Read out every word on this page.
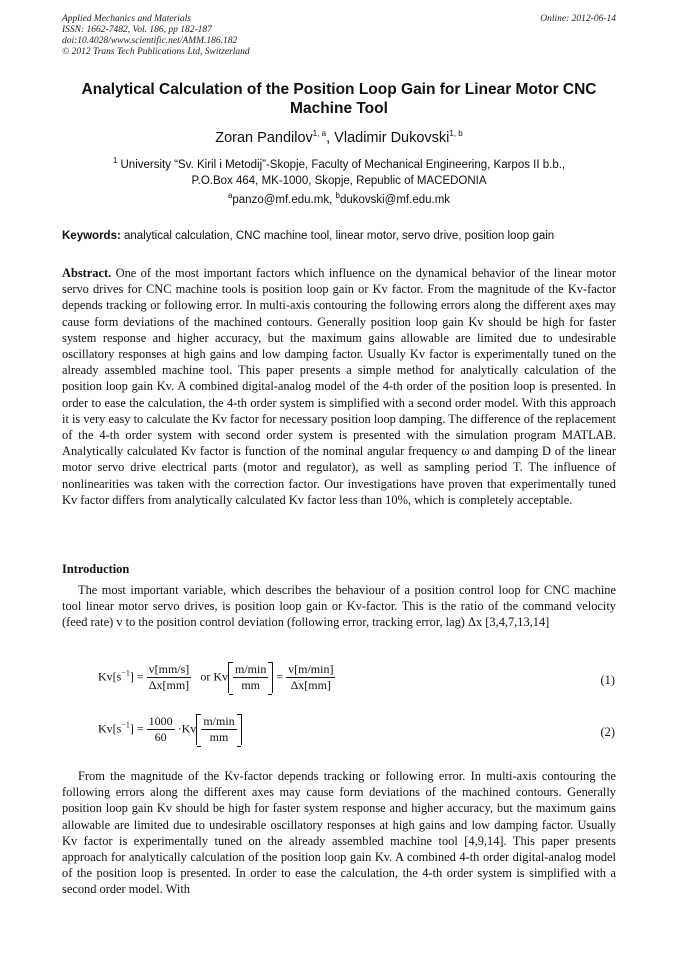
Applied Mechanics and Materials
ISSN: 1662-7482, Vol. 186, pp 182-187
doi:10.4028/www.scientific.net/AMM.186.182
© 2012 Trans Tech Publications Ltd, Switzerland
Online: 2012-06-14
Analytical Calculation of the Position Loop Gain for Linear Motor CNC Machine Tool
Zoran Pandilov$^{1, a}$, Vladimir Dukovski$^{1, b}$
$^1$ University “Sv. Kiril i Metodij”-Skopje, Faculty of Mechanical Engineering, Karpos II b.b.,
P.O.Box 464, MK-1000, Skopje, Republic of MACEDONIA
$^a$panzo@mf.edu.mk, $^b$dukovski@mf.edu.mk
Keywords: analytical calculation, CNC machine tool, linear motor, servo drive, position loop gain
Abstract. One of the most important factors which influence on the dynamical behavior of the linear motor servo drives for CNC machine tools is position loop gain or Kv factor. From the magnitude of the Kv-factor depends tracking or following error. In multi-axis contouring the following errors along the different axes may cause form deviations of the machined contours. Generally position loop gain Kv should be high for faster system response and higher accuracy, but the maximum gains allowable are limited due to undesirable oscillatory responses at high gains and low damping factor. Usually Kv factor is experimentally tuned on the already assembled machine tool. This paper presents a simple method for analytically calculation of the position loop gain Kv. A combined digital-analog model of the 4-th order of the position loop is presented. In order to ease the calculation, the 4-th order system is simplified with a second order model. With this approach it is very easy to calculate the Kv factor for necessary position loop damping. The difference of the replacement of the 4-th order system with second order system is presented with the simulation program MATLAB. Analytically calculated Kv factor is function of the nominal angular frequency ω and damping D of the linear motor servo drive electrical parts (motor and regulator), as well as sampling period T. The influence of nonlinearities was taken with the correction factor. Our investigations have proven that experimentally tuned Kv factor differs from analytically calculated Kv factor less than 10%, which is completely acceptable.
Introduction
The most important variable, which describes the behaviour of a position control loop for CNC machine tool linear motor servo drives, is position loop gain or Kv-factor. This is the ratio of the command velocity (feed rate) v to the position control deviation (following error, tracking error, lag) Δx [3,4,7,13,14]
$Kv[s^{-1}] = \frac{v[mm/s]}{\Delta x[mm]}$ or Kv $\frac{m/\min}{mm} = \frac{v[m/\min]}{\Delta x[mm]}$	(1)
$Kv[s^{-1}] = \frac{1000}{60} \cdot Kv \frac{m/\min}{mm}$	(2)
From the magnitude of the Kv-factor depends tracking or following error. In multi-axis contouring the following errors along the different axes may cause form deviations of the machined contours. Generally position loop gain Kv should be high for faster system response and higher accuracy, but the maximum gains allowable are limited due to undesirable oscillatory responses at high gains and low damping factor. Usually Kv factor is experimentally tuned on the already assembled machine tool [4,9,14]. This paper presents approach for analytically calculation of the position loop gain Kv. A combined 4-th order digital-analog model of the position loop is presented. In order to ease the calculation, the 4-th order system is simplified with a second order model. With
